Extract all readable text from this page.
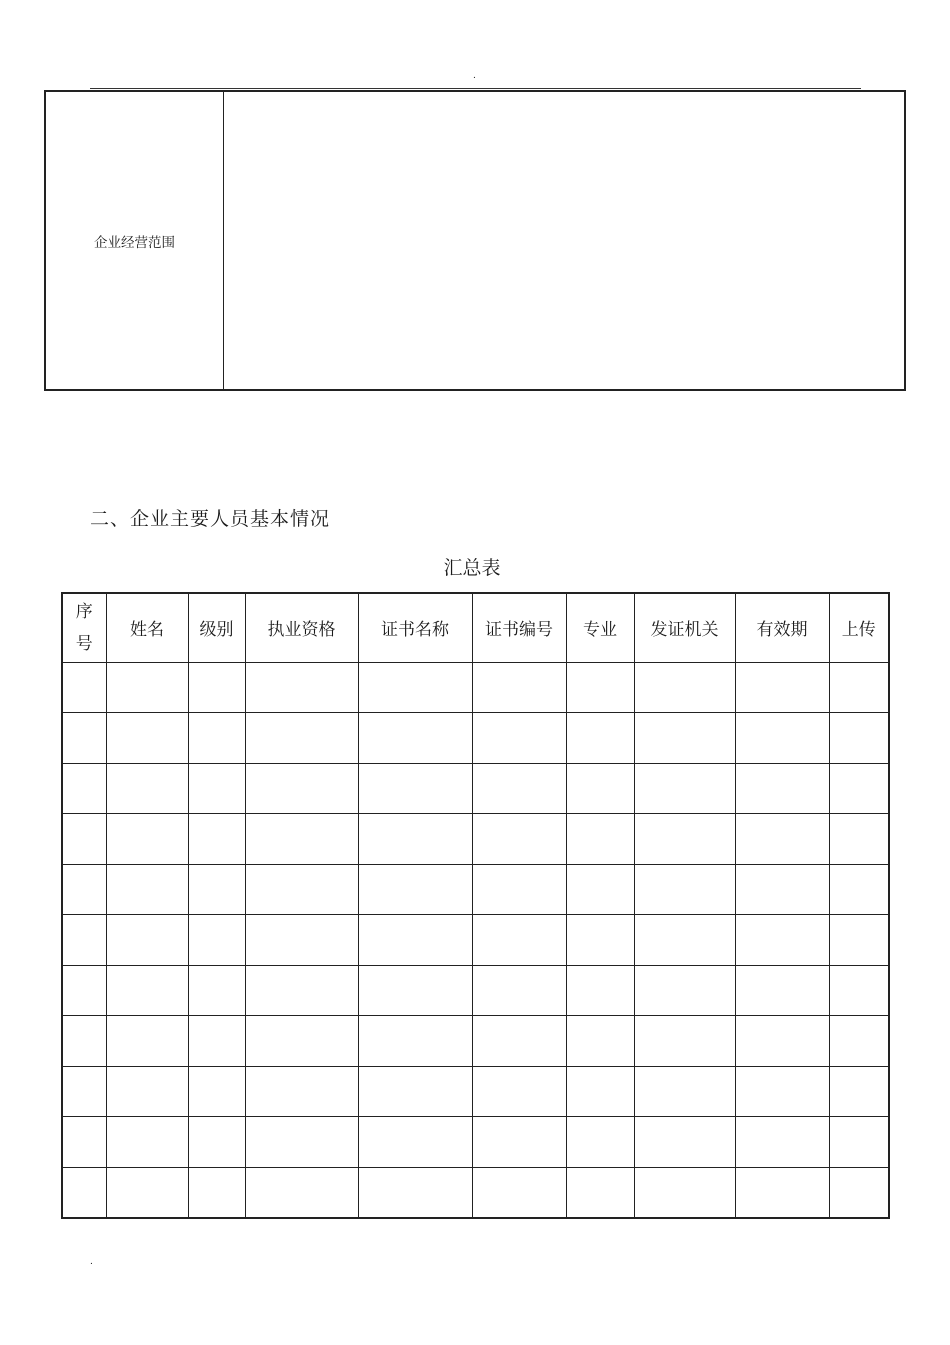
.
企业经营范围
二、企业主要人员基本情况
汇总表
序
号	姓名	级别	执业资格	证书名称	证书编号	专业	发证机关	有效期	上传

.
